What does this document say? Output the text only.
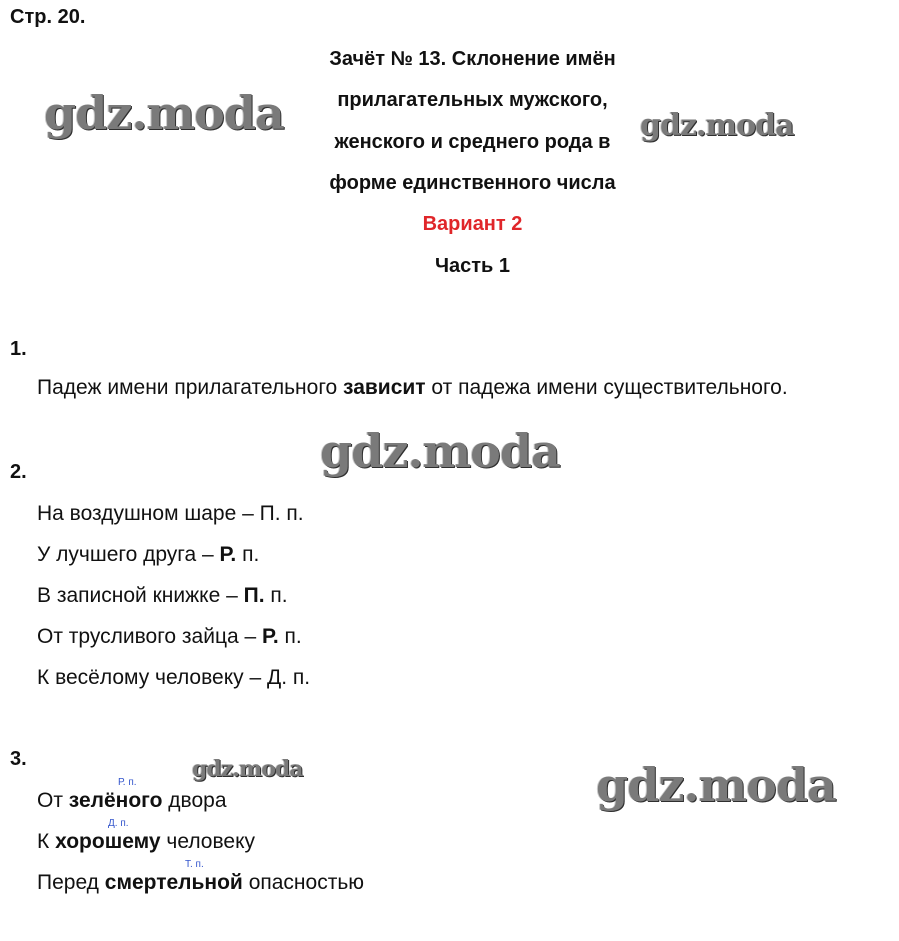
Стр. 20.
Зачёт № 13. Склонение имён
прилагательных мужского,
женского и среднего рода в
форме единственного числа
Вариант 2
Часть 1
1.
Падеж имени прилагательного зависит от падежа имени существительного.
2.
На воздушном шаре – П. п.
У лучшего друга – Р. п.
В записной книжке – П. п.
От трусливого зайца – Р. п.
К весёлому человеку – Д. п.
3.
Р. п.
От зелёного двора
Д. п.
К хорошему человеку
Т. п.
Перед смертельной опасностью
gdz.moda	gdz.moda
gdz.moda
gdz.moda	gdz.moda
